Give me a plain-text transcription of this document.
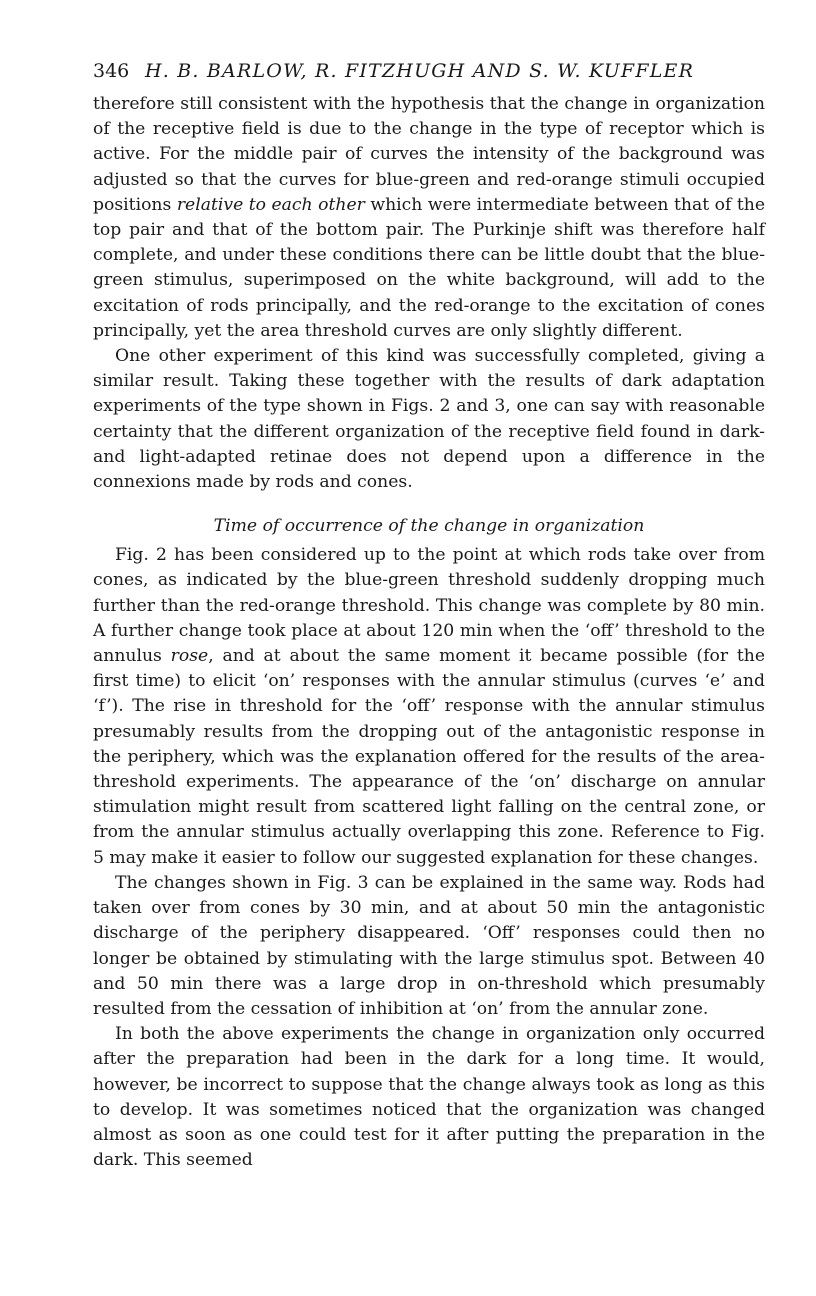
346 H. B. BARLOW, R. FITZHUGH AND S. W. KUFFLER

therefore still consistent with the hypothesis that the change in organization of the receptive field is due to the change in the type of receptor which is active. For the middle pair of curves the intensity of the background was adjusted so that the curves for blue-green and red-orange stimuli occupied positions relative to each other which were intermediate between that of the top pair and that of the bottom pair. The Purkinje shift was therefore half complete, and under these conditions there can be little doubt that the blue-green stimulus, superimposed on the white background, will add to the excitation of rods principally, and the red-orange to the excitation of cones principally, yet the area threshold curves are only slightly different.

One other experiment of this kind was successfully completed, giving a similar result. Taking these together with the results of dark adaptation experiments of the type shown in Figs. 2 and 3, one can say with reasonable certainty that the different organization of the receptive field found in dark- and light-adapted retinae does not depend upon a difference in the connexions made by rods and cones.

Time of occurrence of the change in organization

Fig. 2 has been considered up to the point at which rods take over from cones, as indicated by the blue-green threshold suddenly dropping much further than the red-orange threshold. This change was complete by 80 min. A further change took place at about 120 min when the ‘off’ threshold to the annulus rose, and at about the same moment it became possible (for the first time) to elicit ‘on’ responses with the annular stimulus (curves ‘e’ and ‘f’). The rise in threshold for the ‘off’ response with the annular stimulus presumably results from the dropping out of the antagonistic response in the periphery, which was the explanation offered for the results of the area-threshold experiments. The appearance of the ‘on’ discharge on annular stimulation might result from scattered light falling on the central zone, or from the annular stimulus actually overlapping this zone. Reference to Fig. 5 may make it easier to follow our suggested explanation for these changes.

The changes shown in Fig. 3 can be explained in the same way. Rods had taken over from cones by 30 min, and at about 50 min the antagonistic discharge of the periphery disappeared. ‘Off’ responses could then no longer be obtained by stimulating with the large stimulus spot. Between 40 and 50 min there was a large drop in on-threshold which presumably resulted from the cessation of inhibition at ‘on’ from the annular zone.

In both the above experiments the change in organization only occurred after the preparation had been in the dark for a long time. It would, however, be incorrect to suppose that the change always took as long as this to develop. It was sometimes noticed that the organization was changed almost as soon as one could test for it after putting the preparation in the dark. This seemed
